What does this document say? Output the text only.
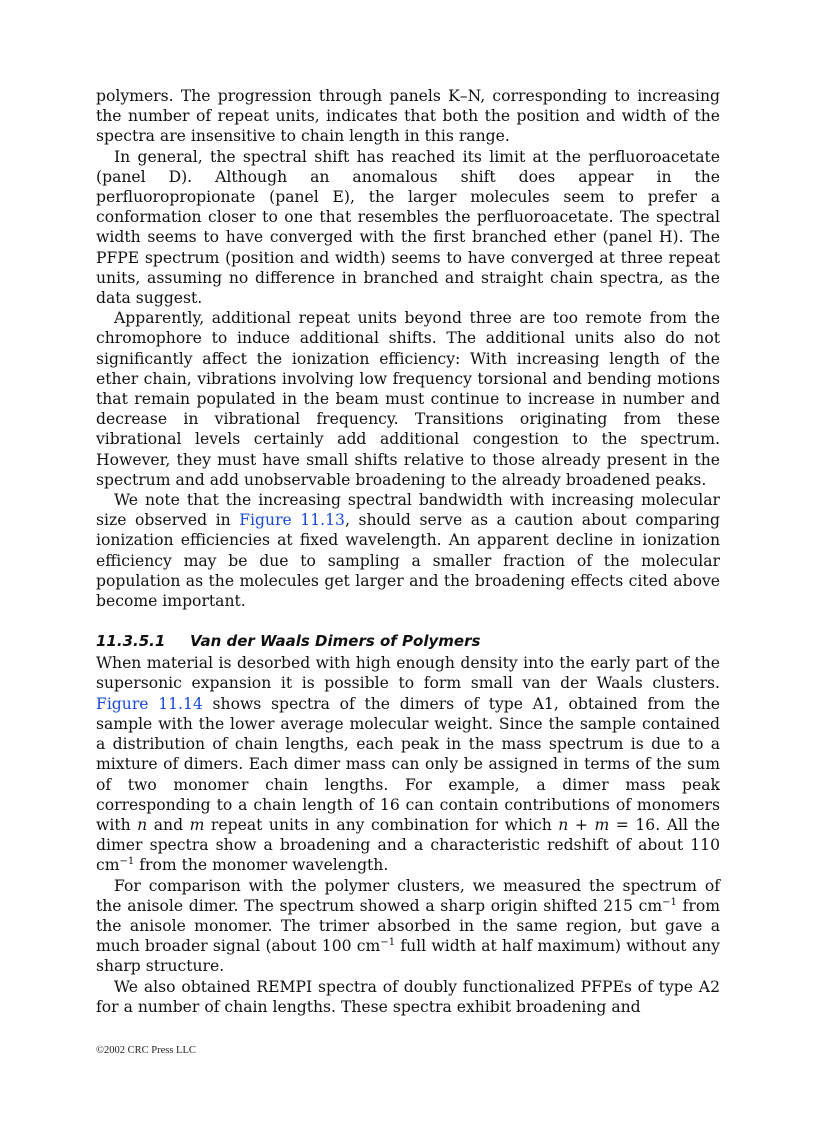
polymers. The progression through panels K–N, corresponding to increasing the number of repeat units, indicates that both the position and width of the spectra are insensitive to chain length in this range.

In general, the spectral shift has reached its limit at the perfluoroacetate (panel D). Although an anomalous shift does appear in the perfluoropropionate (panel E), the larger molecules seem to prefer a conformation closer to one that resembles the perfluoroacetate. The spectral width seems to have converged with the first branched ether (panel H). The PFPE spectrum (position and width) seems to have converged at three repeat units, assuming no difference in branched and straight chain spectra, as the data suggest.

Apparently, additional repeat units beyond three are too remote from the chromophore to induce additional shifts. The additional units also do not significantly affect the ionization efficiency: With increasing length of the ether chain, vibrations involving low frequency torsional and bending motions that remain populated in the beam must continue to increase in number and decrease in vibrational frequency. Transitions originating from these vibrational levels certainly add additional congestion to the spectrum. However, they must have small shifts relative to those already present in the spectrum and add unobservable broadening to the already broadened peaks.

We note that the increasing spectral bandwidth with increasing molecular size observed in Figure 11.13, should serve as a caution about comparing ionization efficiencies at fixed wavelength. An apparent decline in ionization efficiency may be due to sampling a smaller fraction of the molecular population as the molecules get larger and the broadening effects cited above become important.

11.3.5.1 Van der Waals Dimers of Polymers

When material is desorbed with high enough density into the early part of the supersonic expansion it is possible to form small van der Waals clusters. Figure 11.14 shows spectra of the dimers of type A1, obtained from the sample with the lower average molecular weight. Since the sample contained a distribution of chain lengths, each peak in the mass spectrum is due to a mixture of dimers. Each dimer mass can only be assigned in terms of the sum of two monomer chain lengths. For example, a dimer mass peak corresponding to a chain length of 16 can contain contributions of monomers with n and m repeat units in any combination for which n + m = 16. All the dimer spectra show a broadening and a characteristic redshift of about 110 $cm^{-1}$ from the monomer wavelength.

For comparison with the polymer clusters, we measured the spectrum of the anisole dimer. The spectrum showed a sharp origin shifted 215 $cm^{-1}$ from the anisole monomer. The trimer absorbed in the same region, but gave a much broader signal (about 100 $cm^{-1}$ full width at half maximum) without any sharp structure.

We also obtained REMPI spectra of doubly functionalized PFPEs of type A2 for a number of chain lengths. These spectra exhibit broadening and

©2002 CRC Press LLC
